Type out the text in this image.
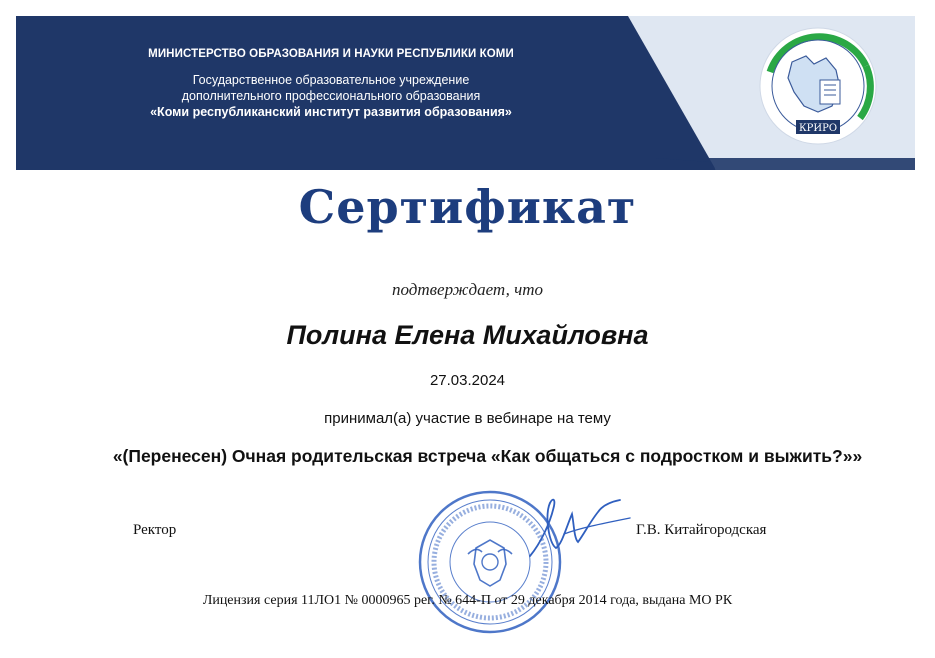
МИНИСТЕРСТВО ОБРАЗОВАНИЯ И НАУКИ РЕСПУБЛИКИ КОМИ
Государственное образовательное учреждение
дополнительного профессионального образования
«Коми республиканский институт развития образования»
КРИРО
Сертификат
подтверждает, что
Полина Елена Михайловна
27.03.2024
принимал(а) участие в вебинаре на тему
«(Перенесен) Очная родительская встреча «Как общаться с подростком и выжить?»»
Ректор	Г.В. Китайгородская
Лицензия серия 11ЛО1 № 0000965 рег. № 644-П от 29 декабря 2014 года, выдана МО РК
